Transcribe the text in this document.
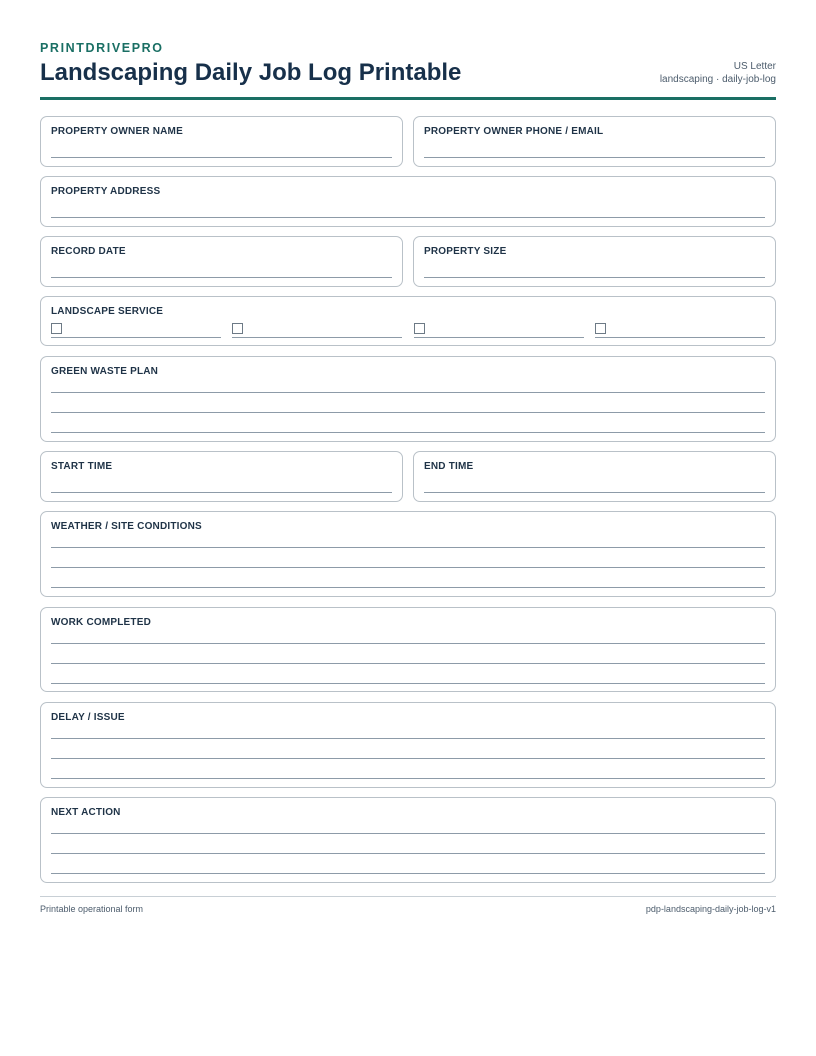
PRINTDRIVEPRO
Landscaping Daily Job Log Printable	US Letter
landscaping · daily-job-log
PROPERTY OWNER NAME	PROPERTY OWNER PHONE / EMAIL
PROPERTY ADDRESS
RECORD DATE	PROPERTY SIZE
LANDSCAPE SERVICE
GREEN WASTE PLAN
START TIME	END TIME
WEATHER / SITE CONDITIONS
WORK COMPLETED
DELAY / ISSUE
NEXT ACTION
Printable operational form	pdp-landscaping-daily-job-log-v1
